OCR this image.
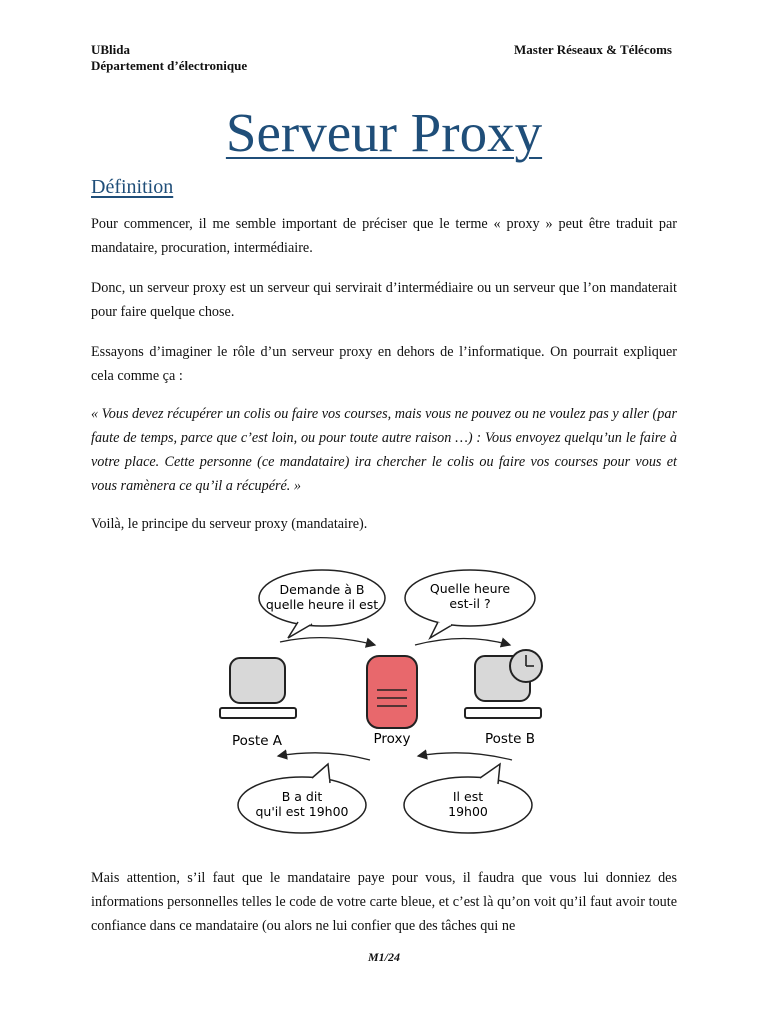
UBlida
Département d’électronique
Master Réseaux & Télécoms
Serveur Proxy
Définition

Pour commencer, il me semble important de préciser que le terme « proxy » peut être traduit par mandataire, procuration, intermédiaire.

Donc, un serveur proxy est un serveur qui servirait d’intermédiaire ou un serveur que l’on mandaterait pour faire quelque chose.

Essayons d’imaginer le rôle d’un serveur proxy en dehors de l’informatique. On pourrait expliquer cela comme ça :

« Vous devez récupérer un colis ou faire vos courses, mais vous ne pouvez ou ne voulez pas y aller (par faute de temps, parce que c’est loin, ou pour toute autre raison …) : Vous envoyez quelqu’un le faire à votre place. Cette personne (ce mandataire) ira chercher le colis ou faire vos courses pour vous et vous ramènera ce qu’il a récupéré. »

Voilà, le principe du serveur proxy (mandataire).

Demande à B
quelle heure il est
Quelle heure
est-il ?
Poste A	Proxy	Poste B
B a dit
qu'il est 19h00
Il est
19h00

Mais attention, s’il faut que le mandataire paye pour vous, il faudra que vous lui donniez des informations personnelles telles le code de votre carte bleue, et c’est là qu’on voit qu’il faut avoir toute confiance dans ce mandataire (ou alors ne lui confier que des tâches qui ne

M1/24
